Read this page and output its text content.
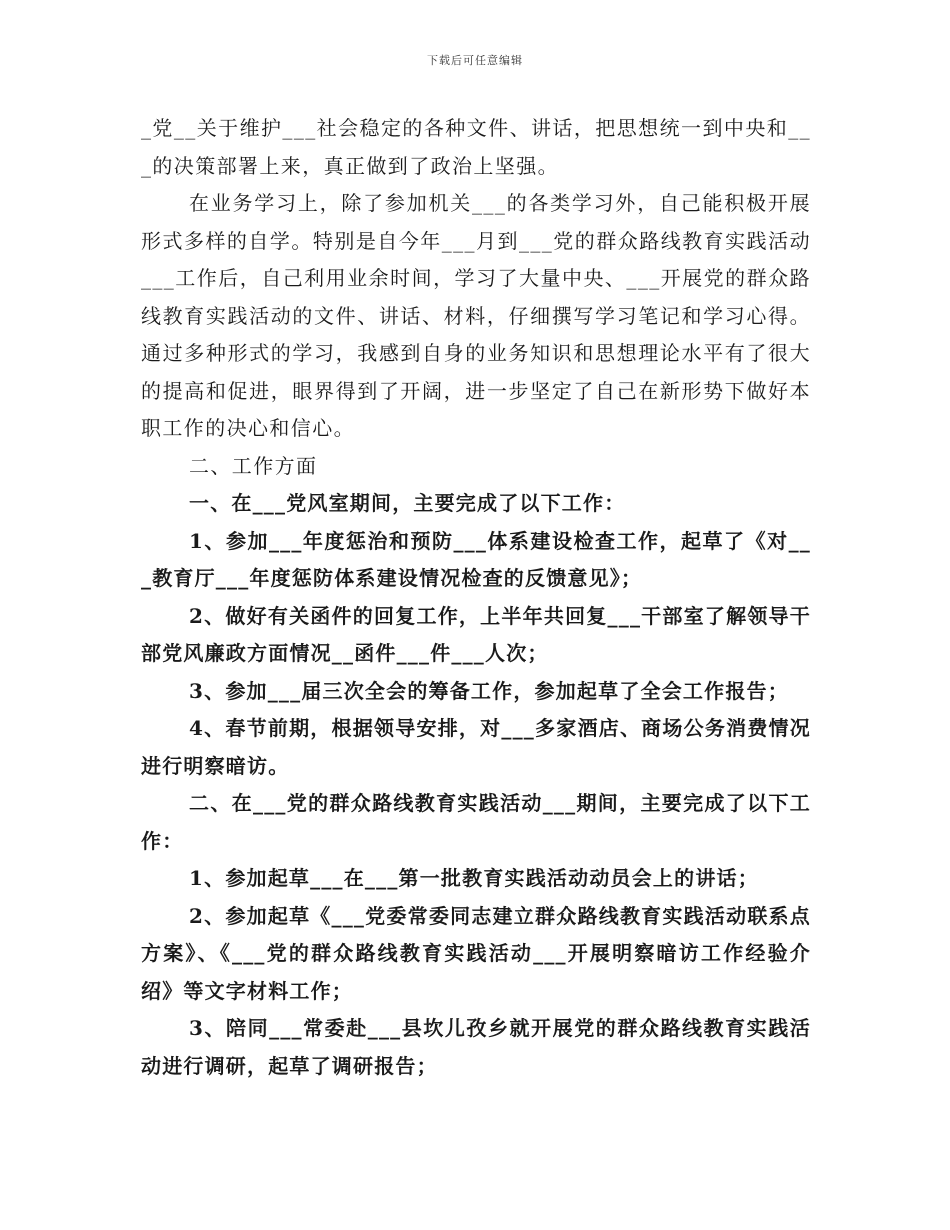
下载后可任意编辑

_党__关于维护___社会稳定的各种文件、讲话，把思想统一到中央和___的决策部署上来，真正做到了政治上坚强。

在业务学习上，除了参加机关___的各类学习外，自己能积极开展形式多样的自学。特别是自今年___月到___党的群众路线教育实践活动___工作后，自己利用业余时间，学习了大量中央、___开展党的群众路线教育实践活动的文件、讲话、材料，仔细撰写学习笔记和学习心得。通过多种形式的学习，我感到自身的业务知识和思想理论水平有了很大的提高和促进，眼界得到了开阔，进一步坚定了自己在新形势下做好本职工作的决心和信心。

二、工作方面

一、在___党风室期间，主要完成了以下工作：

1、参加___年度惩治和预防___体系建设检查工作，起草了《对___教育厅___年度惩防体系建设情况检查的反馈意见》；

2、做好有关函件的回复工作，上半年共回复___干部室了解领导干部党风廉政方面情况__函件___件___人次；

3、参加___届三次全会的筹备工作，参加起草了全会工作报告；

4、春节前期，根据领导安排，对___多家酒店、商场公务消费情况进行明察暗访。

二、在___党的群众路线教育实践活动___期间，主要完成了以下工作：

1、参加起草___在___第一批教育实践活动动员会上的讲话；

2、参加起草《___党委常委同志建立群众路线教育实践活动联系点方案》、《___党的群众路线教育实践活动___开展明察暗访工作经验介绍》等文字材料工作；

3、陪同___常委赴___县坎儿孜乡就开展党的群众路线教育实践活动进行调研，起草了调研报告；
